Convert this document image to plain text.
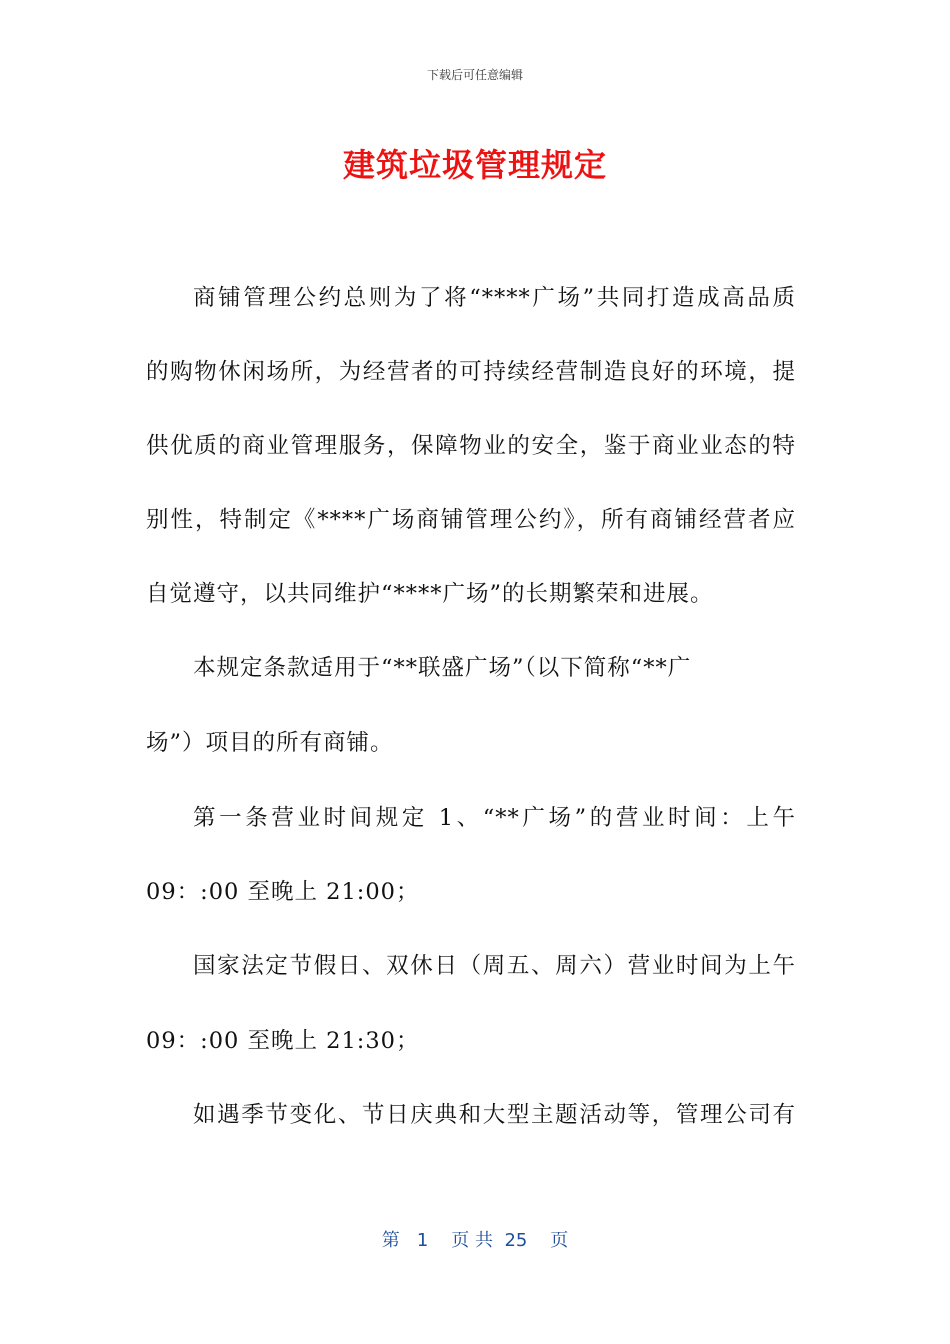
下载后可任意编辑
建筑垃圾管理规定
商铺管理公约总则为了将“****广场”共同打造成高品质
的购物休闲场所，为经营者的可持续经营制造良好的环境，提
供优质的商业管理服务，保障物业的安全，鉴于商业业态的特
别性，特制定《****广场商铺管理公约》，所有商铺经营者应
自觉遵守，以共同维护“****广场”的长期繁荣和进展。
本规定条款适用于“**联盛广场”（以下简称“**广
场”）项目的所有商铺。
第一条营业时间规定 1、“**广场”的营业时间：上午
09：:00 至晚上 21:00；
国家法定节假日、双休日（周五、周六）营业时间为上午
09：:00 至晚上 21:30；
如遇季节变化、节日庆典和大型主题活动等，管理公司有
第 1 页 共 25 页
